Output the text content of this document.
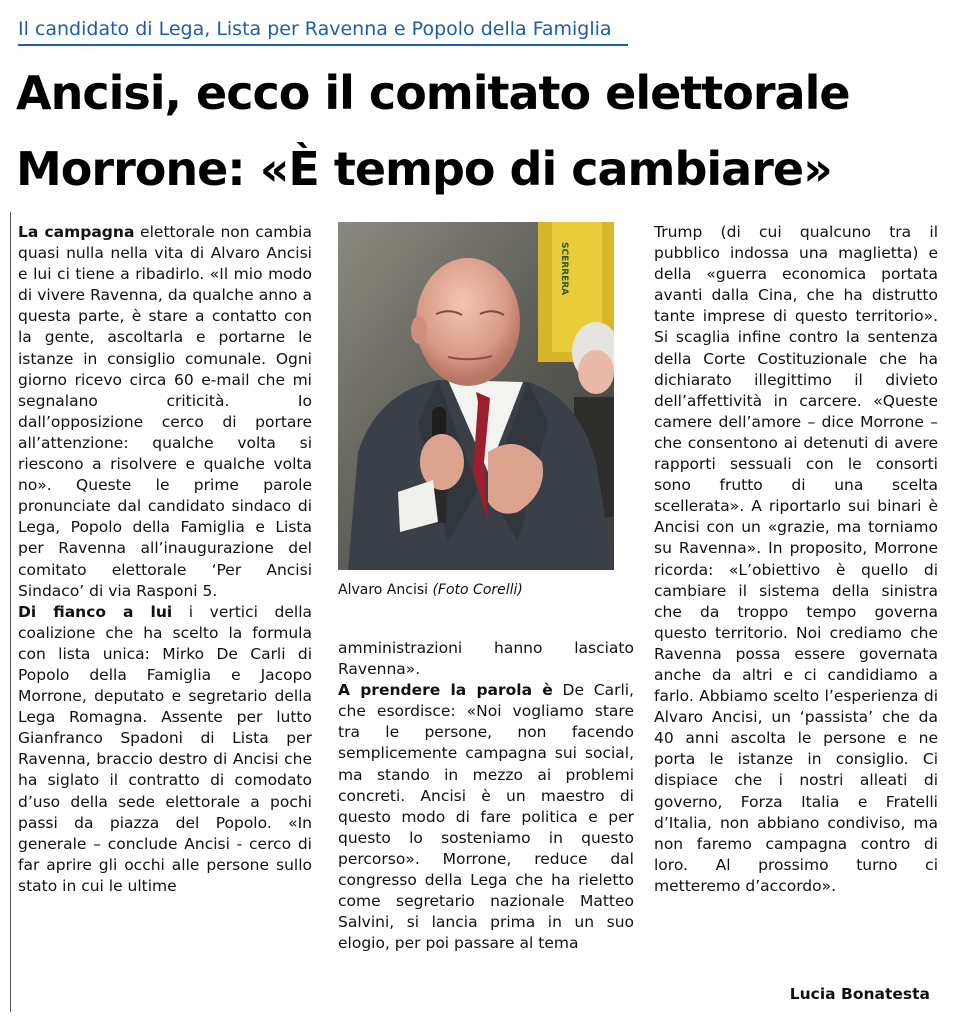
Il candidato di Lega, Lista per Ravenna e Popolo della Famiglia
Ancisi, ecco il comitato elettorale
Morrone: «È tempo di cambiare»

La campagna elettorale non cambia quasi nulla nella vita di Alvaro Ancisi e lui ci tiene a ribadirlo. «Il mio modo di vivere Ravenna, da qualche anno a questa parte, è stare a contatto con la gente, ascoltarla e portarne le istanze in consiglio comunale. Ogni giorno ricevo circa 60 e-mail che mi segnalano criticità. Io dall’opposizione cerco di portare all’attenzione: qualche volta si riescono a risolvere e qualche volta no». Queste le prime parole pronunciate dal candidato sindaco di Lega, Popolo della Famiglia e Lista per Ravenna all’inaugurazione del comitato elettorale ‘Per Ancisi Sindaco’ di via Rasponi 5.

Di fianco a lui i vertici della coalizione che ha scelto la formula con lista unica: Mirko De Carli di Popolo della Famiglia e Jacopo Morrone, deputato e segretario della Lega Romagna. Assente per lutto Gianfranco Spadoni di Lista per Ravenna, braccio destro di Ancisi che ha siglato il contratto di comodato d’uso della sede elettorale a pochi passi da piazza del Popolo. «In generale – conclude Ancisi - cerco di far aprire gli occhi alle persone sullo stato in cui le ultime

SCERRERA
Alvaro Ancisi (Foto Corelli)

amministrazioni hanno lasciato Ravenna».

A prendere la parola è De Carli, che esordisce: «Noi vogliamo stare tra le persone, non facendo semplicemente campagna sui social, ma stando in mezzo ai problemi concreti. Ancisi è un maestro di questo modo di fare politica e per questo lo sosteniamo in questo percorso». Morrone, reduce dal congresso della Lega che ha rieletto come segretario nazionale Matteo Salvini, si lancia prima in un suo elogio, per poi passare al tema

Trump (di cui qualcuno tra il pubblico indossa una maglietta) e della «guerra economica portata avanti dalla Cina, che ha distrutto tante imprese di questo territorio». Si scaglia infine contro la sentenza della Corte Costituzionale che ha dichiarato illegittimo il divieto dell’affettività in carcere. «Queste camere dell’amore – dice Morrone – che consentono ai detenuti di avere rapporti sessuali con le consorti sono frutto di una scelta scellerata». A riportarlo sui binari è Ancisi con un «grazie, ma torniamo su Ravenna». In proposito, Morrone ricorda: «L’obiettivo è quello di cambiare il sistema della sinistra che da troppo tempo governa questo territorio. Noi crediamo che Ravenna possa essere governata anche da altri e ci candidiamo a farlo. Abbiamo scelto l’esperienza di Alvaro Ancisi, un ‘passista’ che da 40 anni ascolta le persone e ne porta le istanze in consiglio. Ci dispiace che i nostri alleati di governo, Forza Italia e Fratelli d’Italia, non abbiano condiviso, ma non faremo campagna contro di loro. Al prossimo turno ci metteremo d’accordo».

Lucia Bonatesta
